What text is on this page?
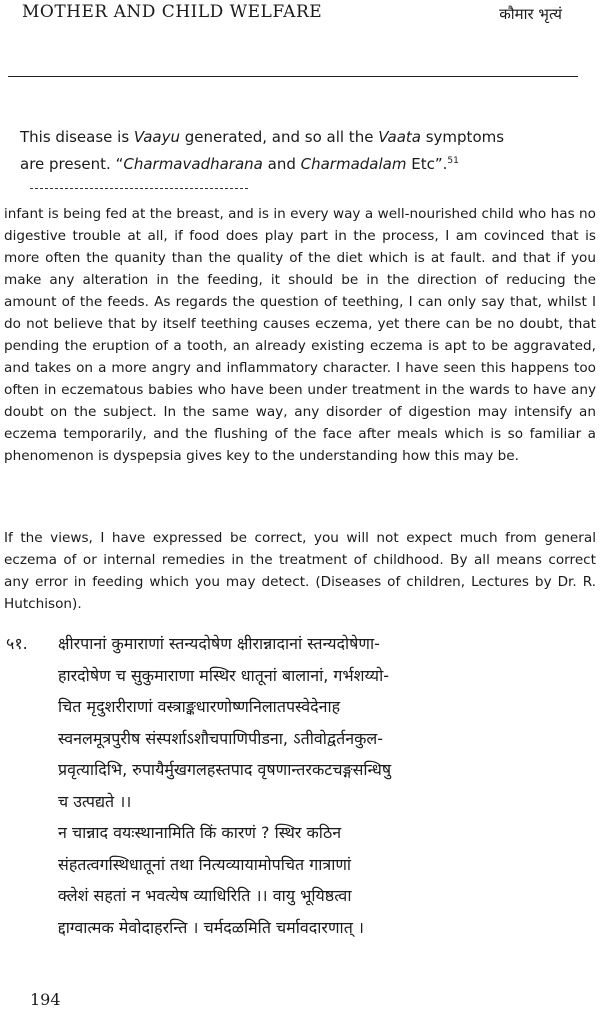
MOTHER AND CHILD WELFARE	कौमार भृत्यं
This disease is Vaayu generated, and so all the Vaata symptoms
are present. “Charmavadharana and Charmadalam Etc”.$^{51}$

infant is being fed at the breast, and is in every way a well-nourished child who has no digestive trouble at all, if food does play part in the process, I am covinced that is more often the quanity than the quality of the diet which is at fault. and that if you make any alteration in the feeding, it should be in the direction of reducing the amount of the feeds. As regards the question of teething, I can only say that, whilst I do not believe that by itself teething causes eczema, yet there can be no doubt, that pending the eruption of a tooth, an already existing eczema is apt to be aggravated, and takes on a more angry and inflammatory character. I have seen this happens too often in eczematous babies who have been under treatment in the wards to have any doubt on the subject. In the same way, any disorder of digestion may intensify an eczema temporarily, and the flushing of the face after meals which is so familiar a phenomenon is dyspepsia gives key to the understanding how this may be.

If the views, I have expressed be correct, you will not expect much from general eczema of or internal remedies in the treatment of childhood. By all means correct any error in feeding which you may detect. (Diseases of children, Lectures by Dr. R. Hutchison).

५१.	क्षीरपानां कुमाराणां स्तन्यदोषेण क्षीरान्नादानां स्तन्यदोषेणा-
हारदोषेण च सुकुमाराणा मस्थिर धातूनां बालानां, गर्भशय्यो-
चित मृदुशरीराणां वस्त्राङ्कधारणोष्णनिलातपस्वेदेनाह
स्वनलमूत्रपुरीष संस्पर्शाऽशौचपाणिपीडना, ऽतीवोद्वर्तनकुल-
प्रवृत्यादिभि, रुपायैर्मुखगलहस्तपाद वृषणान्तरकटचङ्गसन्धिषु
च उत्पद्यते ।।
न चान्नाद वयःस्थानामिति किं कारणं ? स्थिर कठिन
संहतत्वगस्थिधातूनां तथा नित्यव्यायामोपचित गात्राणां
क्लेशं सहतां न भवत्येष व्याधिरिति ।। वायु भूयिष्ठत्वा
द्दाग्वात्मक मेवोदाहरन्ति । चर्मदळमिति चर्मावदारणात् ।
194
